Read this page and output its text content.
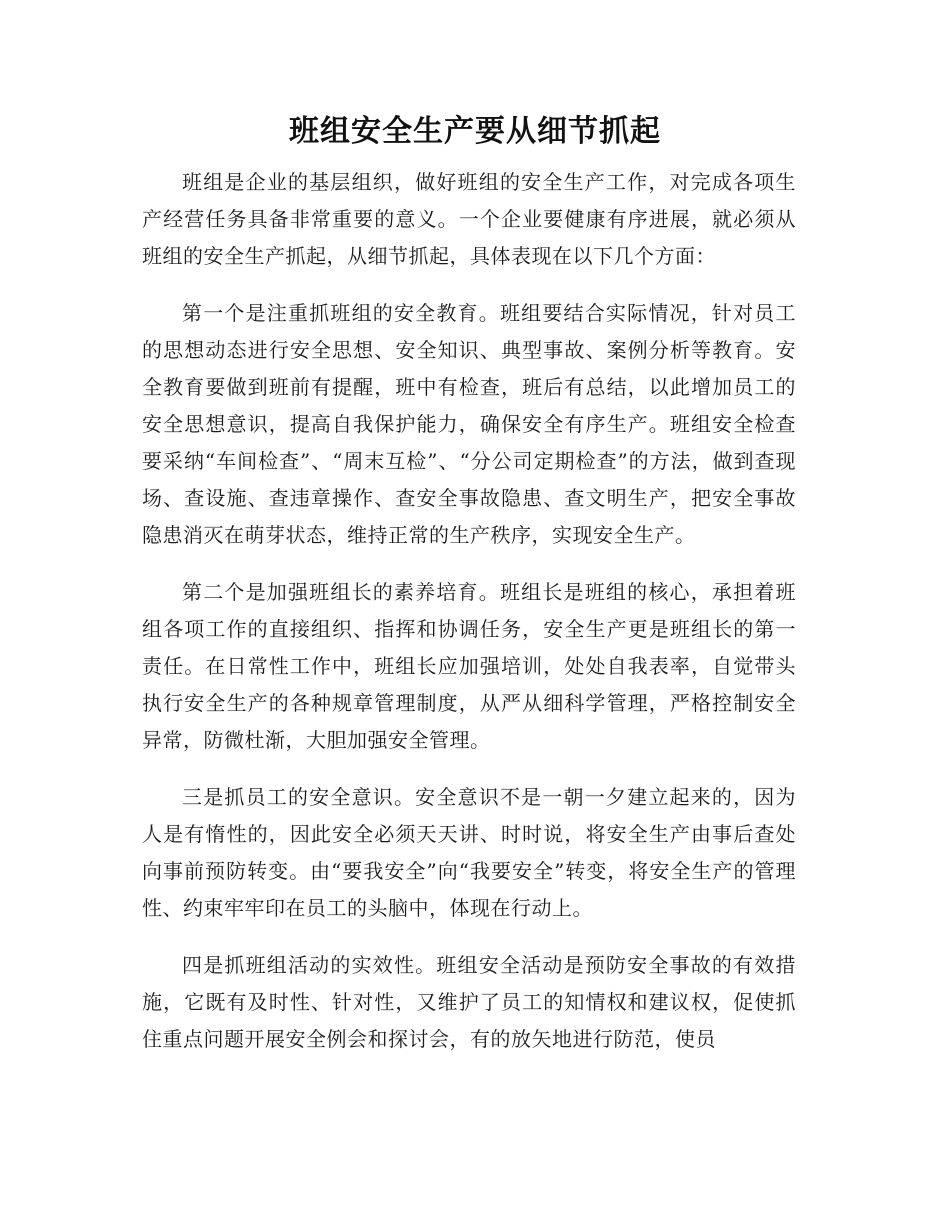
班组安全生产要从细节抓起

班组是企业的基层组织，做好班组的安全生产工作，对完成各项生产经营任务具备非常重要的意义。一个企业要健康有序进展，就必须从班组的安全生产抓起，从细节抓起，具体表现在以下几个方面：

第一个是注重抓班组的安全教育。班组要结合实际情况，针对员工的思想动态进行安全思想、安全知识、典型事故、案例分析等教育。安全教育要做到班前有提醒，班中有检查，班后有总结，以此增加员工的安全思想意识，提高自我保护能力，确保安全有序生产。班组安全检查要采纳“车间检查”、“周末互检”、“分公司定期检查”的方法，做到查现场、查设施、查违章操作、查安全事故隐患、查文明生产，把安全事故隐患消灭在萌芽状态，维持正常的生产秩序，实现安全生产。

第二个是加强班组长的素养培育。班组长是班组的核心，承担着班组各项工作的直接组织、指挥和协调任务，安全生产更是班组长的第一责任。在日常性工作中，班组长应加强培训，处处自我表率，自觉带头执行安全生产的各种规章管理制度，从严从细科学管理，严格控制安全异常，防微杜渐，大胆加强安全管理。

三是抓员工的安全意识。安全意识不是一朝一夕建立起来的，因为人是有惰性的，因此安全必须天天讲、时时说，将安全生产由事后查处向事前预防转变。由“要我安全”向“我要安全”转变，将安全生产的管理性、约束牢牢印在员工的头脑中，体现在行动上。

四是抓班组活动的实效性。班组安全活动是预防安全事故的有效措施，它既有及时性、针对性，又维护了员工的知情权和建议权，促使抓住重点问题开展安全例会和探讨会，有的放矢地进行防范，使员
